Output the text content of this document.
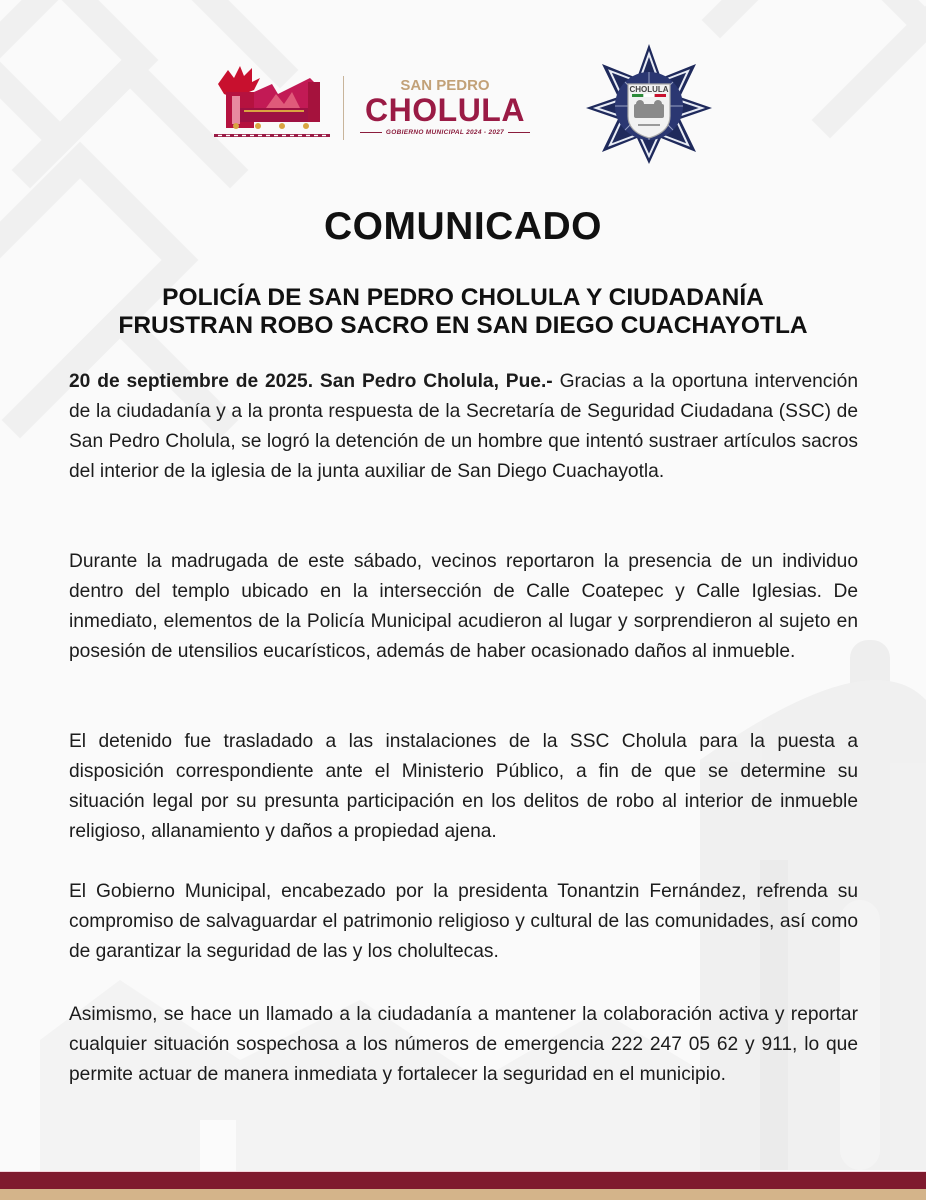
SAN PEDRO
CHOLULA
GOBIERNO MUNICIPAL 2024 - 2027
CHOLULA
COMUNICADO
POLICÍA DE SAN PEDRO CHOLULA Y CIUDADANÍA
FRUSTRAN ROBO SACRO EN SAN DIEGO CUACHAYOTLA

20 de septiembre de 2025. San Pedro Cholula, Pue.- Gracias a la oportuna intervención de la ciudadanía y a la pronta respuesta de la Secretaría de Seguridad Ciudadana (SSC) de San Pedro Cholula, se logró la detención de un hombre que intentó sustraer artículos sacros del interior de la iglesia de la junta auxiliar de San Diego Cuachayotla.

Durante la madrugada de este sábado, vecinos reportaron la presencia de un individuo dentro del templo ubicado en la intersección de Calle Coatepec y Calle Iglesias. De inmediato, elementos de la Policía Municipal acudieron al lugar y sorprendieron al sujeto en posesión de utensilios eucarísticos, además de haber ocasionado daños al inmueble.

El detenido fue trasladado a las instalaciones de la SSC Cholula para la puesta a disposición correspondiente ante el Ministerio Público, a fin de que se determine su situación legal por su presunta participación en los delitos de robo al interior de inmueble religioso, allanamiento y daños a propiedad ajena.

El Gobierno Municipal, encabezado por la presidenta Tonantzin Fernández, refrenda su compromiso de salvaguardar el patrimonio religioso y cultural de las comunidades, así como de garantizar la seguridad de las y los cholultecas.

Asimismo, se hace un llamado a la ciudadanía a mantener la colaboración activa y reportar cualquier situación sospechosa a los números de emergencia 222 247 05 62 y 911, lo que permite actuar de manera inmediata y fortalecer la seguridad en el municipio.
